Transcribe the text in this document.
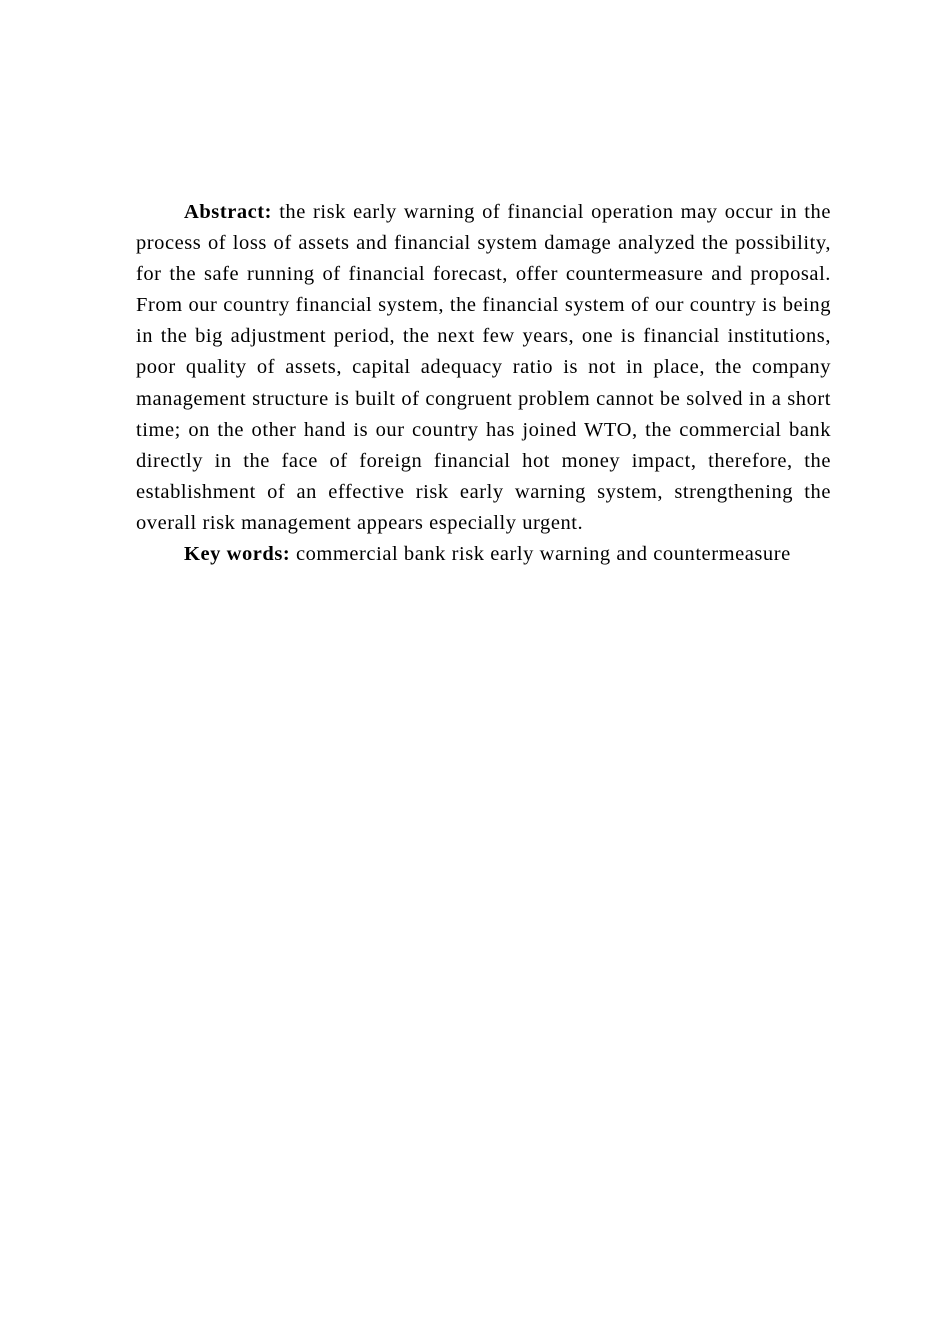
Abstract: the risk early warning of financial operation may occur in the process of loss of assets and financial system damage analyzed the possibility, for the safe running of financial forecast, offer countermeasure and proposal. From our country financial system, the financial system of our country is being in the big adjustment period, the next few years, one is financial institutions, poor quality of assets, capital adequacy ratio is not in place, the company management structure is built of congruent problem cannot be solved in a short time; on the other hand is our country has joined WTO, the commercial bank directly in the face of foreign financial hot money impact, therefore, the establishment of an effective risk early warning system, strengthening the overall risk management appears especially urgent.

Key words: commercial bank risk early warning and countermeasure
